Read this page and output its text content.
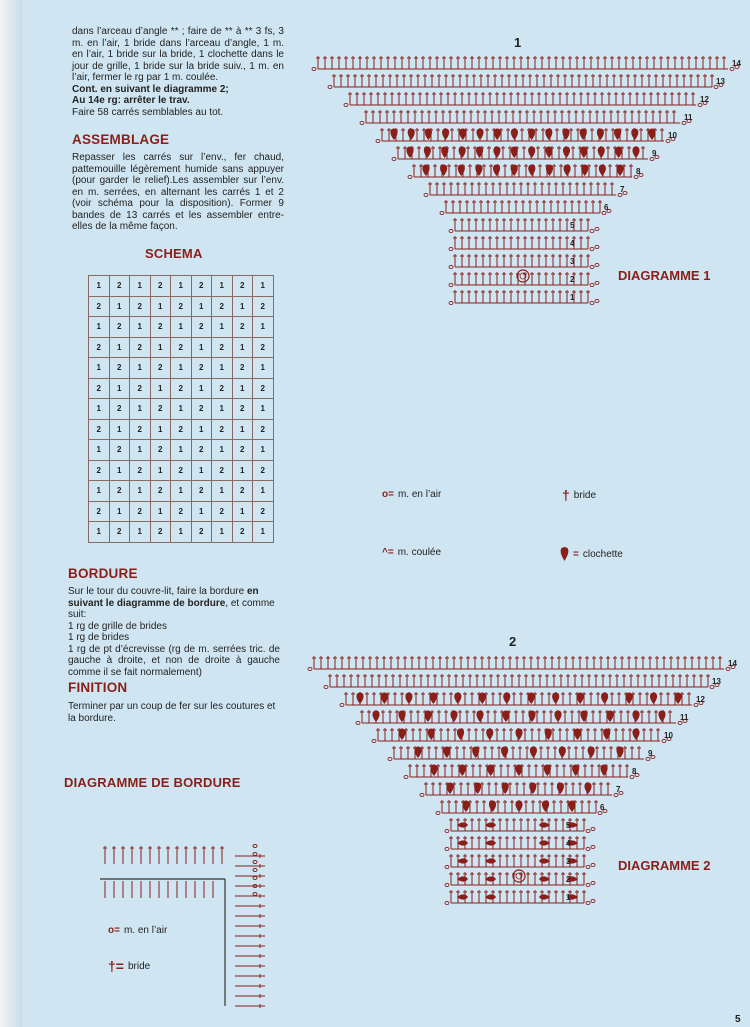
dans l’arceau d’angle ** ; faire de ** à ** 3 fs, 3 m. en l’air, 1 bride dans l’arceau d’angle, 1 m. en l’air, 1 bride sur la bride, 1 clochette dans le jour de grille, 1 bride sur la bride suiv., 1 m. en l’air, fermer le rg par 1 m. coulée.

Cont. en suivant le diagramme 2;

Au 14e rg: arrêter le trav.

Faire 58 carrés semblables au tot.

ASSEMBLAGE

Repasser les carrés sur l’env., fer chaud, pattemouille légèrement humide sans appuyer (pour garder le relief).Les assembler sur l’env. en m. serrées, en alternant les carrés 1 et 2 (voir schéma pour la disposition). Former 9 bandes de 13 carrés et les assembler entre-elles de la même façon.

SCHEMA
1	2	1	2	1	2	1	2	1
2	1	2	1	2	1	2	1	2
1	2	1	2	1	2	1	2	1
2	1	2	1	2	1	2	1	2
1	2	1	2	1	2	1	2	1
2	1	2	1	2	1	2	1	2
1	2	1	2	1	2	1	2	1
2	1	2	1	2	1	2	1	2
1	2	1	2	1	2	1	2	1
2	1	2	1	2	1	2	1	2
1	2	1	2	1	2	1	2	1
2	1	2	1	2	1	2	1	2
1	2	1	2	1	2	1	2	1
BORDURE

Sur le tour du couvre-lit, faire la bordure en suivant le diagramme de bordure, et comme suit:

1 rg de grille de brides

1 rg de brides

1 rg de pt d’écrevisse (rg de m. serrées tric. de gauche à droite, et non de droite à gauche comme il se fait normalement)

FINITION

Terminer par un coup de fer sur les coutures et la bordure.

DIAGRAMME DE BORDURE
o= m. en l’air
†= bride
1
14
13
12
11
10
9
8
7
6
5
4
3
2
1
DIAGRAMME 1
o= m. en l’air	† bride
^= m. coulée	= clochette
2
14
13
12
11
10
9
8
7
6
5
4
3
2
1
DIAGRAMME 2
5
